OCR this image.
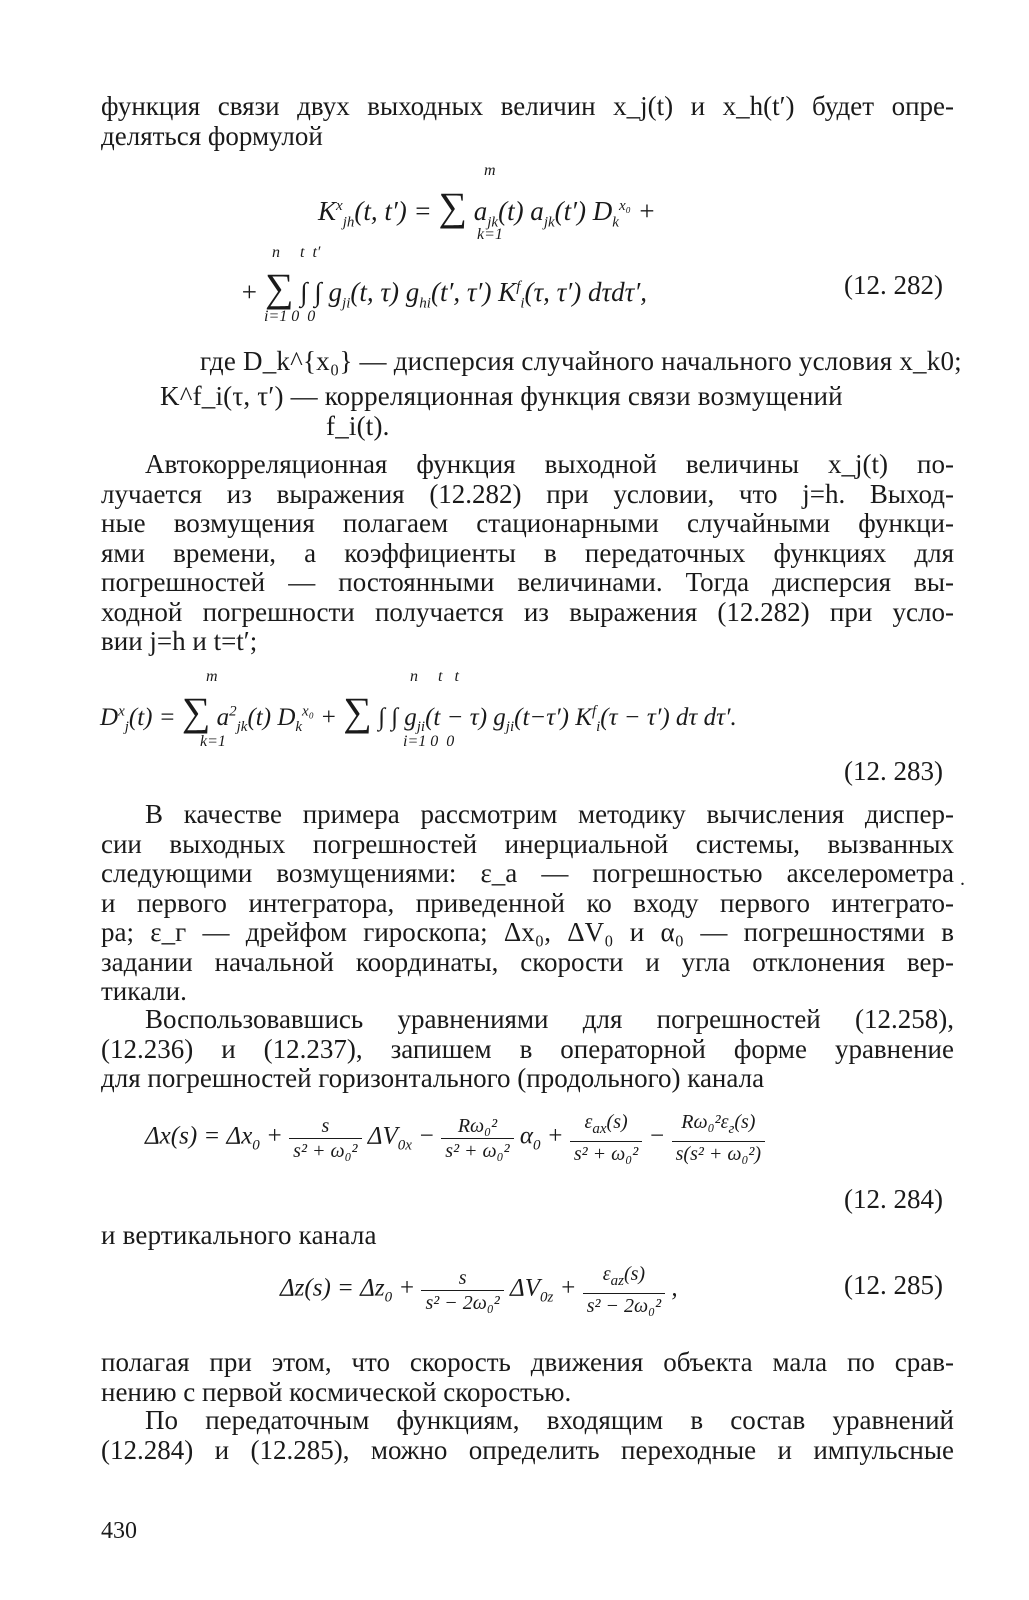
функция связи двух выходных величин x_j(t) и x_h(t′) будет опре-
деляться формулой
$K^x_{jh}(t$, t′) = ∑ $a_{jk}(t)$ $a_{jk}(t') D_k^{x_0}$ +
m
k=1
+ ∑ ∫ ∫ $g_{ji}(t$, τ) $g_{hi}(t'$, τ′) $K^f_i(\tau$, τ′) dτdτ′,
n     t  t′
i=1 0  0
(12. 282)
где D_k^{x₀} — дисперсия случайного начального условия x_k0;
K^f_i(τ, τ′) — корреляционная функция связи возмущений
f_i(t).
Автокорреляционная функция выходной величины x_j(t) по-
лучается из выражения (12.282) при условии, что j=h. Выход-
ные возмущения полагаем стационарными случайными функци-
ями времени, а коэффициенты в передаточных функциях для
погрешностей — постоянными величинами. Тогда дисперсия вы-
ходной погрешности получается из выражения (12.282) при усло-
вии j=h и t=t′;
$D^x_j(t)$ = ∑ $a^2_{jk}(t) D_k^{x_0}$ + ∑ ∫ ∫ $g_{ji}(t - \tau)$ $g_{ji}(t-\tau') K^f_i(\tau - \tau')$ dτ dτ′.
m
k=1
n     t   t
i=1 0  0
(12. 283)
В качестве примера рассмотрим методику вычисления диспер-
сии выходных погрешностей инерциальной системы, вызванных
следующими возмущениями: ε_a — погрешностью акселерометра
и первого интегратора, приведенной ко входу первого интеграто-
ра; ε_г — дрейфом гироскопа; Δx₀, ΔV₀ и α₀ — погрешностями в
задании начальной координаты, скорости и угла отклонения вер-
тикали.
.
Воспользовавшись уравнениями для погрешностей (12.258),
(12.236) и (12.237), запишем в операторной форме уравнение
для погрешностей горизонтального (продольного) канала
$\Delta x(s) = \Delta x_0 + \frac{s}{\text{s² + ω₀²}} \Delta V_{0x} - \frac{\text{Rω₀²}}{\text{s² + ω₀²}} \alpha_0 + \frac{\varepsilon_{ax}(s)}{\text{s² + ω₀²}} - \frac{R\omega_0^2\varepsilon_г(s)}{\text{s(s² + ω₀²)}}$
(12. 284)
и вертикального канала
$\Delta z(s) = \Delta z_0 + \frac{s}{\text{s² − 2ω₀²}} \Delta V_{0z} + \frac{\varepsilon_{az}(s)}{\text{s² − 2ω₀²}}$ ,	(12. 285)
полагая при этом, что скорость движения объекта мала по срав-
нению с первой космической скоростью.
По передаточным функциям, входящим в состав уравнений
(12.284) и (12.285), можно определить переходные и импульсные
430
